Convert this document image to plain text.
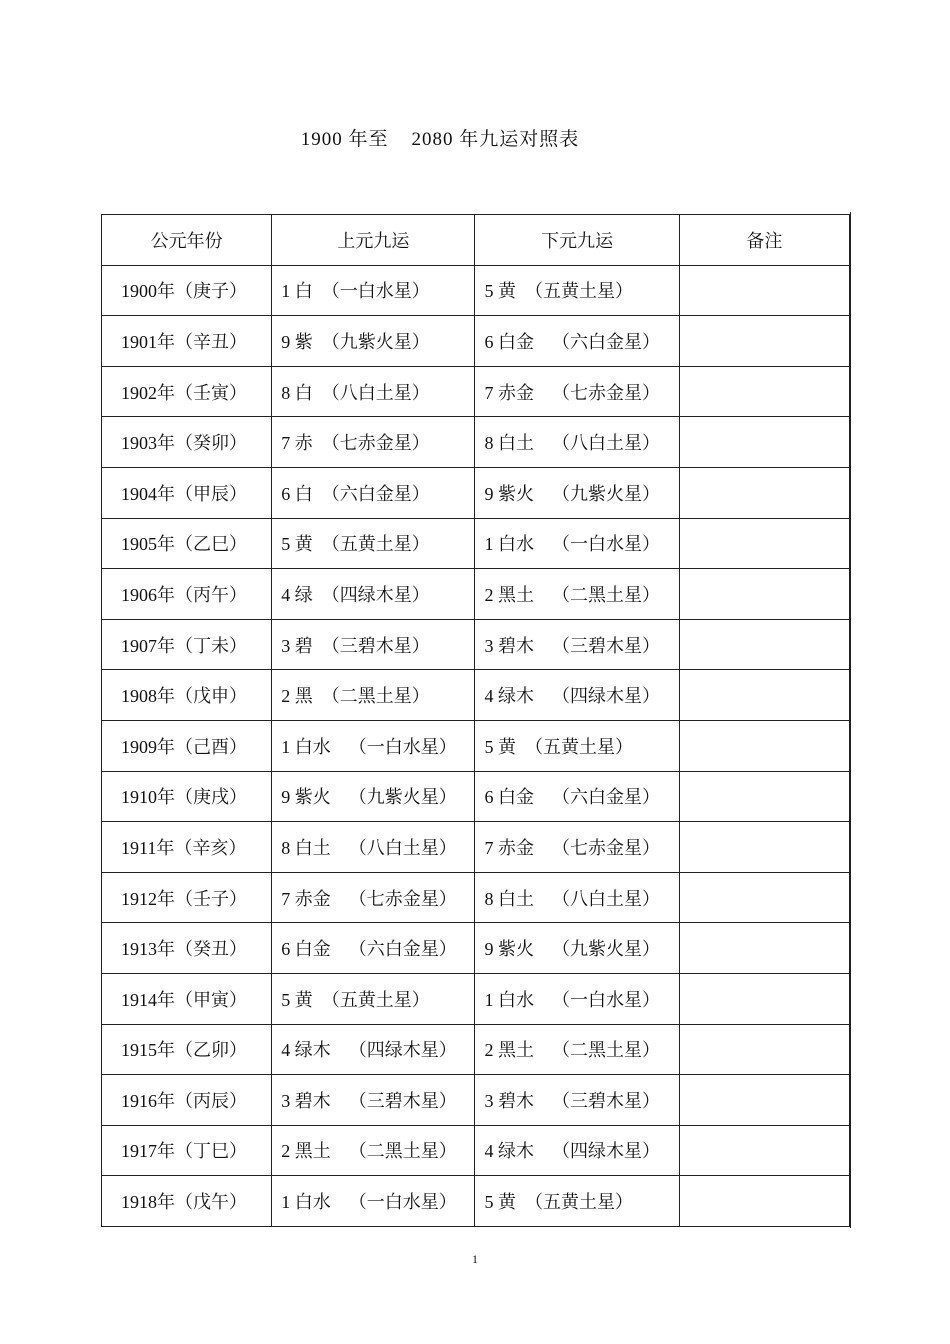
1900 年至    2080 年九运对照表
公元年份	上元九运	下元九运	备注
1900年（庚子）	1 白  （一白水星）	5 黄  （五黄土星）	
1901年（辛丑）	9 紫  （九紫火星）	6 白金    （六白金星）	
1902年（壬寅）	8 白  （八白土星）	7 赤金    （七赤金星）	
1903年（癸卯）	7 赤  （七赤金星）	8 白土    （八白土星）	
1904年（甲辰）	6 白  （六白金星）	9 紫火    （九紫火星）	
1905年（乙巳）	5 黄  （五黄土星）	1 白水    （一白水星）	
1906年（丙午）	4 绿  （四绿木星）	2 黑土    （二黑土星）	
1907年（丁未）	3 碧  （三碧木星）	3 碧木    （三碧木星）	
1908年（戊申）	2 黑  （二黑土星）	4 绿木    （四绿木星）	
1909年（己酉）	1 白水    （一白水星）	5 黄  （五黄土星）	
1910年（庚戌）	9 紫火    （九紫火星）	6 白金    （六白金星）	
1911年（辛亥）	8 白土    （八白土星）	7 赤金    （七赤金星）	
1912年（壬子）	7 赤金    （七赤金星）	8 白土    （八白土星）	
1913年（癸丑）	6 白金    （六白金星）	9 紫火    （九紫火星）	
1914年（甲寅）	5 黄  （五黄土星）	1 白水    （一白水星）	
1915年（乙卯）	4 绿木    （四绿木星）	2 黑土    （二黑土星）	
1916年（丙辰）	3 碧木    （三碧木星）	3 碧木    （三碧木星）	
1917年（丁巳）	2 黑土    （二黑土星）	4 绿木    （四绿木星）	
1918年（戊午）	1 白水    （一白水星）	5 黄  （五黄土星）	
1
